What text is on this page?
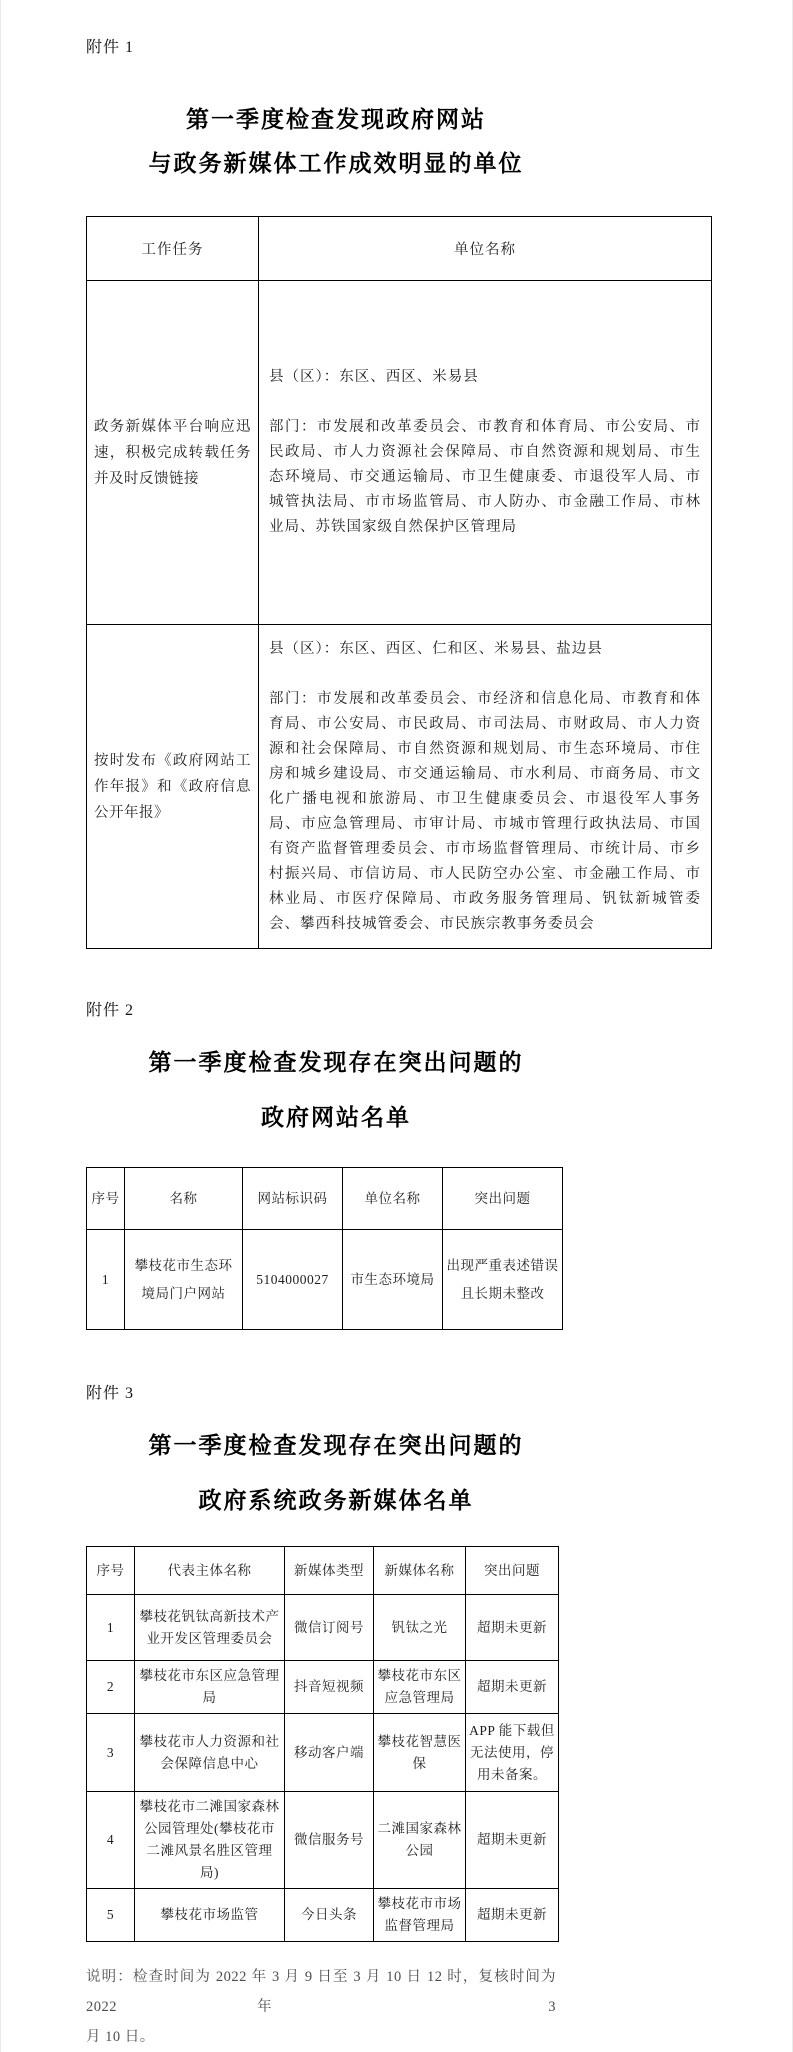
附件 1
第一季度检查发现政府网站
与政务新媒体工作成效明显的单位
工作任务	单位名称
政务新媒体平台响应迅速，积极完成转载任务并及时反馈链接	县（区）：东区、西区、米易县

部门：市发展和改革委员会、市教育和体育局、市公安局、市民政局、市人力资源社会保障局、市自然资源和规划局、市生态环境局、市交通运输局、市卫生健康委、市退役军人局、市城管执法局、市市场监管局、市人防办、市金融工作局、市林业局、苏铁国家级自然保护区管理局

按时发布《政府网站工作年报》和《政府信息公开年报》	县（区）：东区、西区、仁和区、米易县、盐边县

部门：市发展和改革委员会、市经济和信息化局、市教育和体育局、市公安局、市民政局、市司法局、市财政局、市人力资源和社会保障局、市自然资源和规划局、市生态环境局、市住房和城乡建设局、市交通运输局、市水利局、市商务局、市文化广播电视和旅游局、市卫生健康委员会、市退役军人事务局、市应急管理局、市审计局、市城市管理行政执法局、市国有资产监督管理委员会、市市场监督管理局、市统计局、市乡村振兴局、市信访局、市人民防空办公室、市金融工作局、市林业局、市医疗保障局、市政务服务管理局、钒钛新城管委会、攀西科技城管委会、市民族宗教事务委员会

附件 2
第一季度检查发现存在突出问题的
政府网站名单
序号	名称	网站标识码	单位名称	突出问题
1	攀枝花市生态环境局门户网站	5104000027	市生态环境局	出现严重表述错误且长期未整改
附件 3
第一季度检查发现存在突出问题的
政府系统政务新媒体名单
序号	代表主体名称	新媒体类型	新媒体名称	突出问题
1	攀枝花钒钛高新技术产业开发区管理委员会	微信订阅号	钒钛之光	超期未更新
2	攀枝花市东区应急管理局	抖音短视频	攀枝花市东区应急管理局	超期未更新
3	攀枝花市人力资源和社会保障信息中心	移动客户端	攀枝花智慧医保	APP 能下载但无法使用，停用未备案。
4	攀枝花市二滩国家森林公园管理处(攀枝花市二滩风景名胜区管理局)	微信服务号	二滩国家森林公园	超期未更新
5	攀枝花市场监管	今日头条	攀枝花市市场监督管理局	超期未更新
说明：检查时间为 2022 年 3 月 9 日至 3 月 10 日 12 时，复核时间为 2022 年 3
月 10 日。
